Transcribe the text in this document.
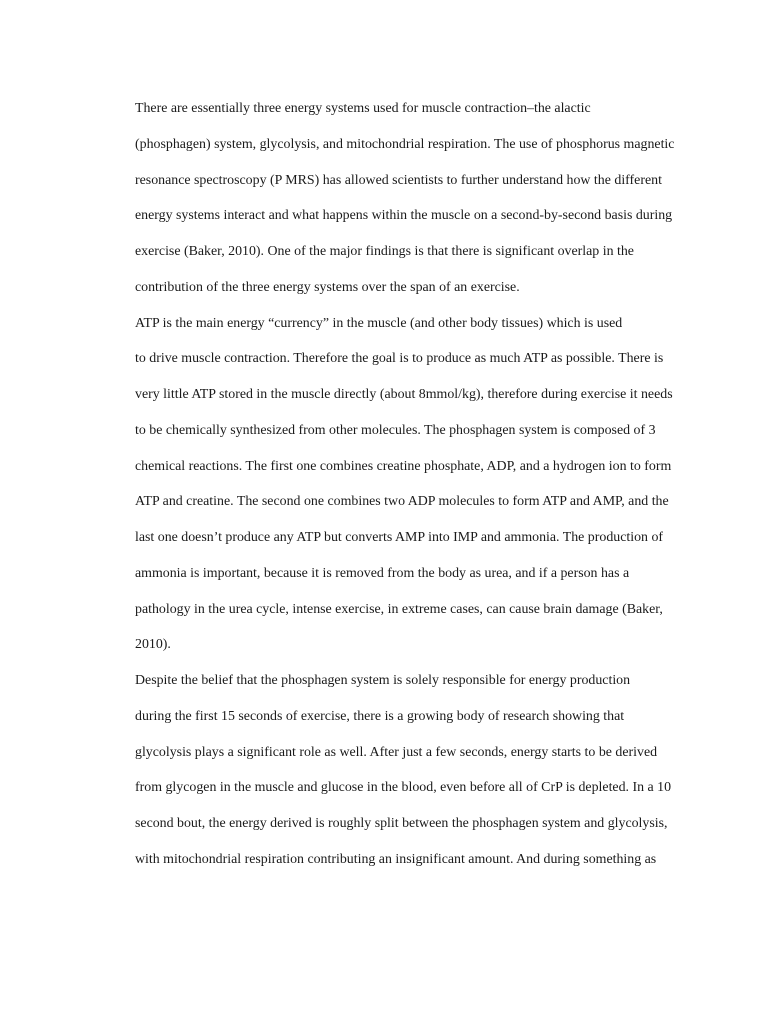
There are essentially three energy systems used for muscle contraction–the alactic
(phosphagen) system, glycolysis, and mitochondrial respiration. The use of phosphorus magnetic
resonance spectroscopy (P MRS) has allowed scientists to further understand how the different
energy systems interact and what happens within the muscle on a second-by-second basis during
exercise (Baker, 2010). One of the major findings is that there is significant overlap in the
contribution of the three energy systems over the span of an exercise.

ATP is the main energy “currency” in the muscle (and other body tissues) which is used
to drive muscle contraction. Therefore the goal is to produce as much ATP as possible. There is
very little ATP stored in the muscle directly (about 8mmol/kg), therefore during exercise it needs
to be chemically synthesized from other molecules. The phosphagen system is composed of 3
chemical reactions. The first one combines creatine phosphate, ADP, and a hydrogen ion to form
ATP and creatine. The second one combines two ADP molecules to form ATP and AMP, and the
last one doesn’t produce any ATP but converts AMP into IMP and ammonia. The production of
ammonia is important, because it is removed from the body as urea, and if a person has a
pathology in the urea cycle, intense exercise, in extreme cases, can cause brain damage (Baker,
2010).

Despite the belief that the phosphagen system is solely responsible for energy production
during the first 15 seconds of exercise, there is a growing body of research showing that
glycolysis plays a significant role as well. After just a few seconds, energy starts to be derived
from glycogen in the muscle and glucose in the blood, even before all of CrP is depleted. In a 10
second bout, the energy derived is roughly split between the phosphagen system and glycolysis,
with mitochondrial respiration contributing an insignificant amount. And during something as
